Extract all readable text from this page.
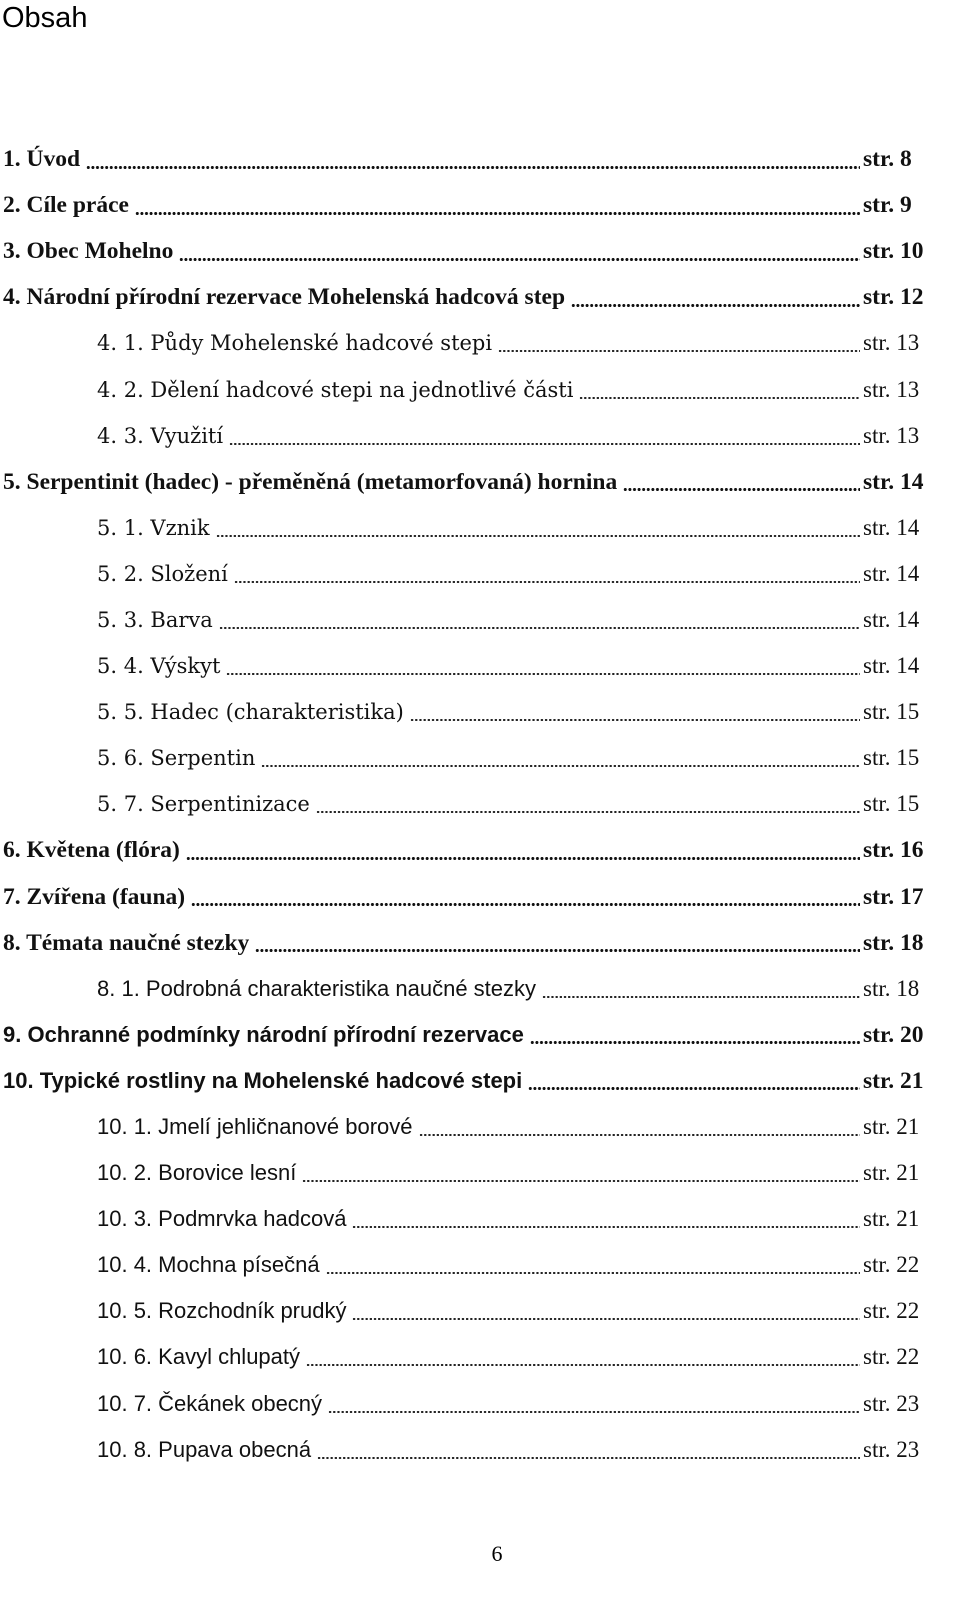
Obsah
1. Úvod	str. 8
2. Cíle práce	str. 9
3. Obec Mohelno	str. 10
4. Národní přírodní rezervace Mohelenská hadcová step	str. 12
4. 1. Půdy Mohelenské hadcové stepi	str. 13
4. 2. Dělení hadcové stepi na jednotlivé části	str. 13
4. 3. Využití	str. 13
5. Serpentinit (hadec) - přeměněná (metamorfovaná) hornina	str. 14
5. 1. Vznik	str. 14
5. 2. Složení	str. 14
5. 3. Barva	str. 14
5. 4. Výskyt	str. 14
5. 5. Hadec (charakteristika)	str. 15
5. 6. Serpentin	str. 15
5. 7. Serpentinizace	str. 15
6. Květena (flóra)	str. 16
7. Zvířena (fauna)	str. 17
8. Témata naučné stezky	str. 18
8. 1. Podrobná charakteristika naučné stezky	str. 18
9. Ochranné podmínky národní přírodní rezervace	str. 20
10. Typické rostliny na Mohelenské hadcové stepi	str. 21
10. 1. Jmelí jehličnanové borové	str. 21
10. 2. Borovice lesní	str. 21
10. 3. Podmrvka hadcová	str. 21
10. 4. Mochna písečná	str. 22
10. 5. Rozchodník prudký	str. 22
10. 6. Kavyl chlupatý	str. 22
10. 7. Čekánek obecný	str. 23
10. 8. Pupava obecná	str. 23
6
